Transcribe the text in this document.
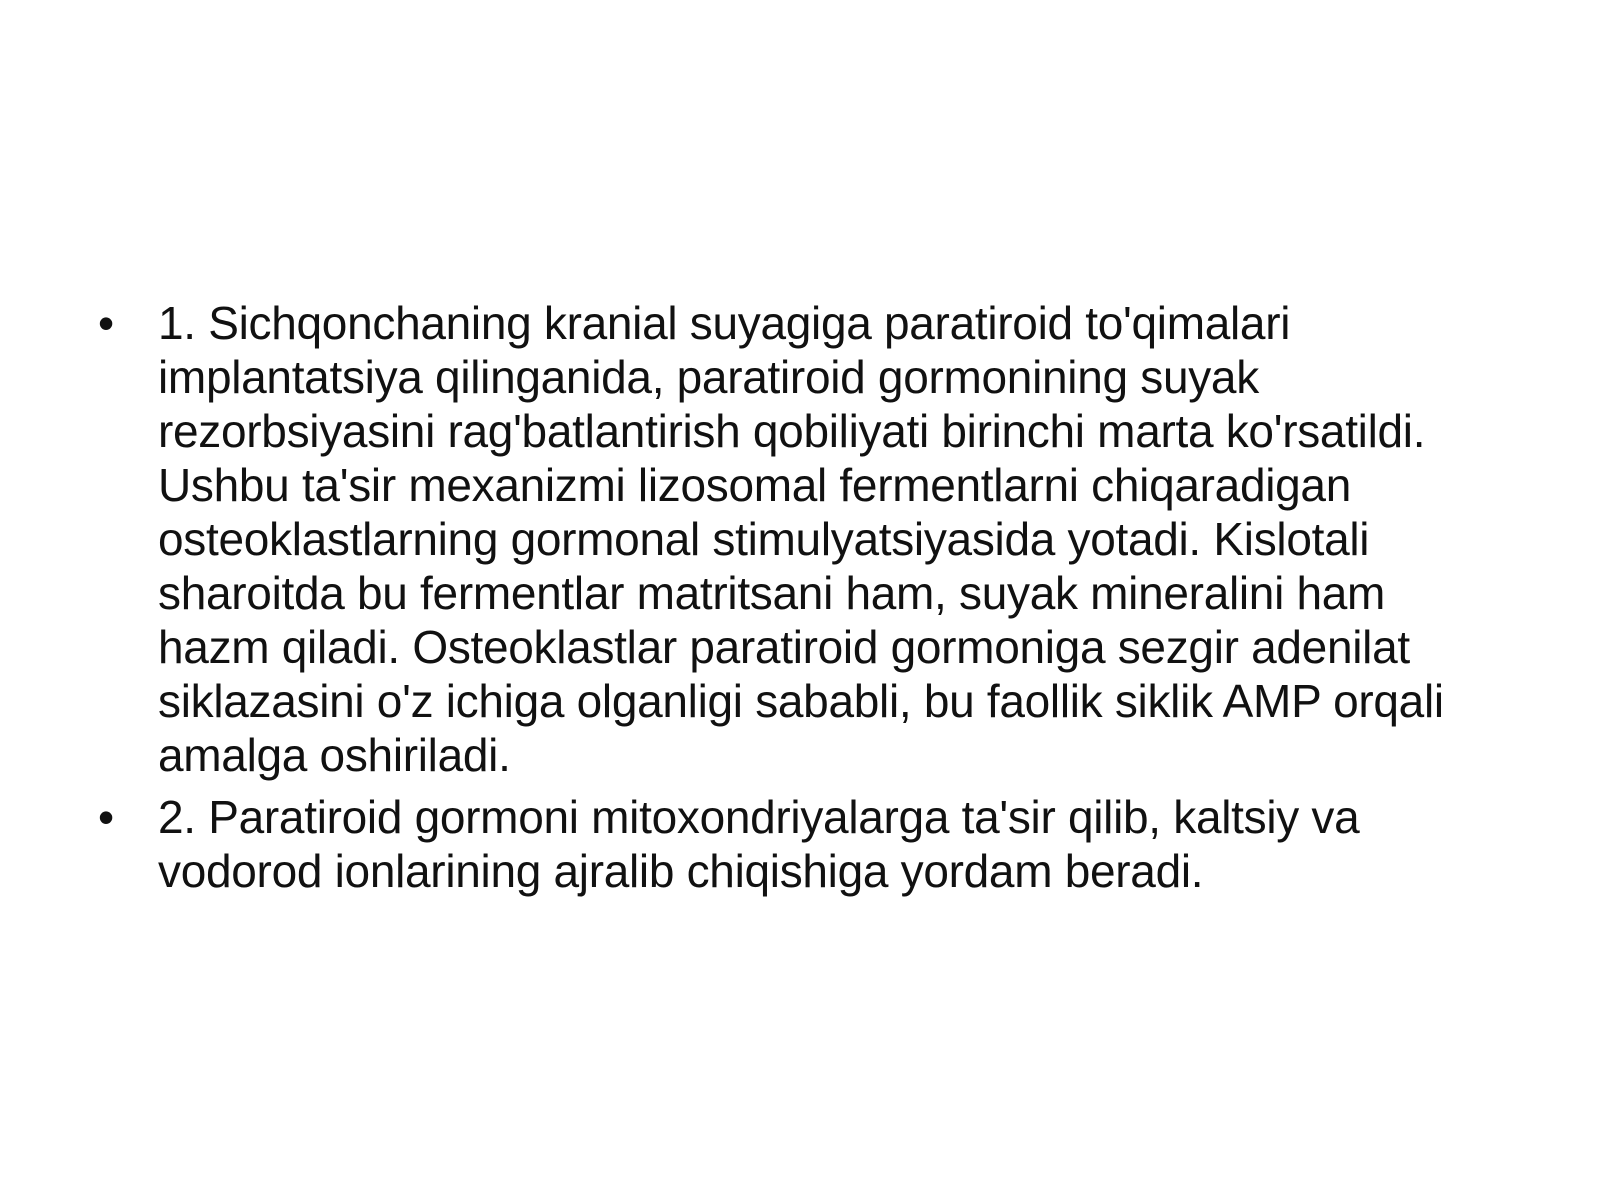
• 1. Sichqonchaning kranial suyagiga paratiroid to'qimalari implantatsiya qilinganida, paratiroid gormonining suyak rezorbsiyasini rag'batlantirish qobiliyati birinchi marta ko'rsatildi. Ushbu ta'sir mexanizmi lizosomal fermentlarni chiqaradigan osteoklastlarning gormonal stimulyatsiyasida yotadi. Kislotali sharoitda bu fermentlar matritsani ham, suyak mineralini ham hazm qiladi. Osteoklastlar paratiroid gormoniga sezgir adenilat siklazasini o'z ichiga olganligi sababli, bu faollik siklik AMP orqali amalga oshiriladi.
• 2. Paratiroid gormoni mitoxondriyalarga ta'sir qilib, kaltsiy va vodorod ionlarining ajralib chiqishiga yordam beradi.
